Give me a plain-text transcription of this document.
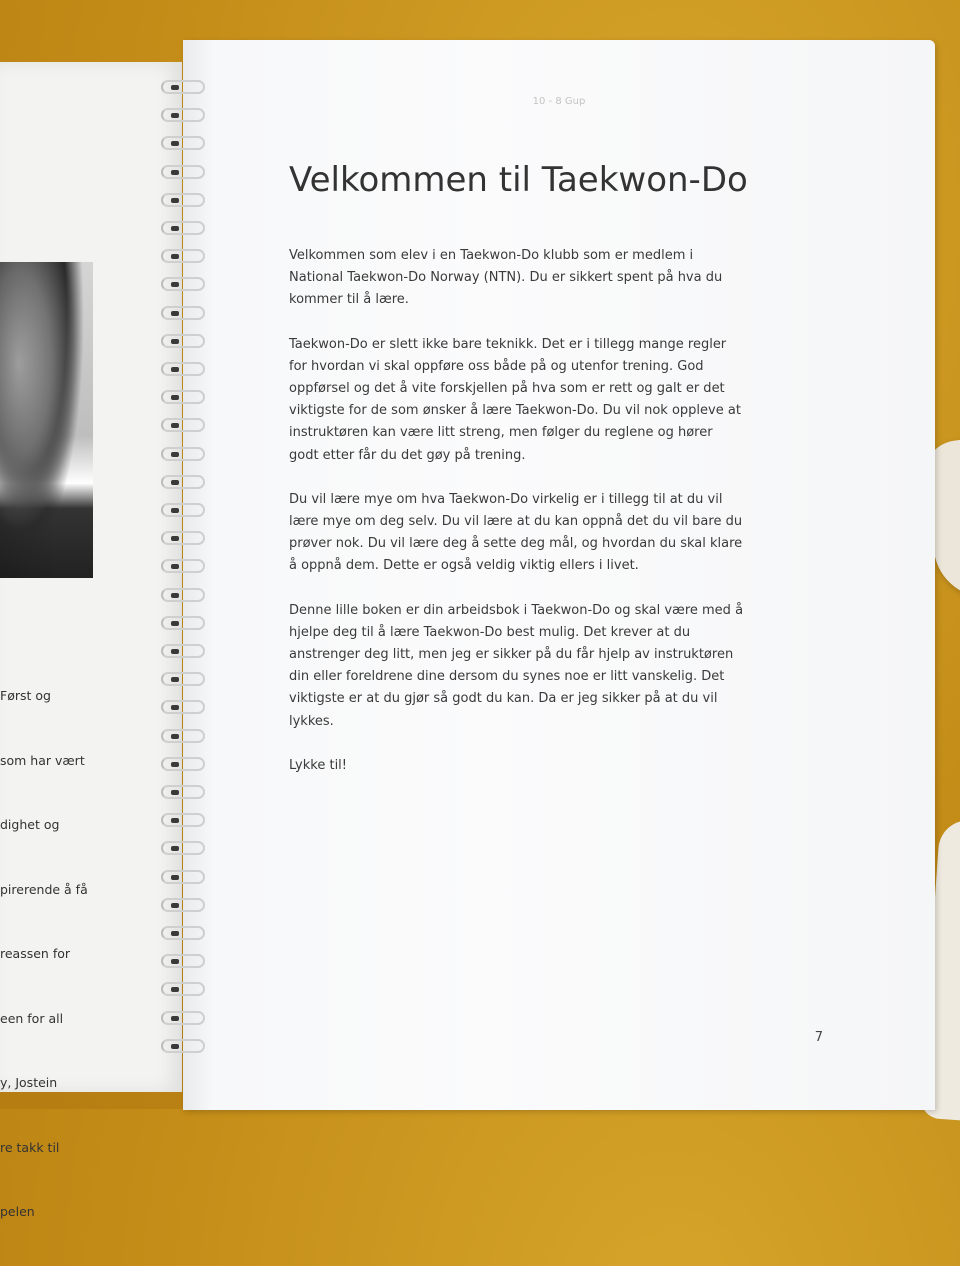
Først og

som har vært

dighet og

pirerende å få

reassen for

een for all

y, Jostein

re takk til

pelen

10 - 8 Gup
Velkommen til Taekwon-Do

Velkommen som elev i en Taekwon-Do klubb som er medlem i
National Taekwon-Do Norway (NTN). Du er sikkert spent på hva du
kommer til å lære.

Taekwon-Do er slett ikke bare teknikk. Det er i tillegg mange regler
for hvordan vi skal oppføre oss både på og utenfor trening. God
oppførsel og det å vite forskjellen på hva som er rett og galt er det
viktigste for de som ønsker å lære Taekwon-Do. Du vil nok oppleve at
instruktøren kan være litt streng, men følger du reglene og hører
godt etter får du det gøy på trening.

Du vil lære mye om hva Taekwon-Do virkelig er i tillegg til at du vil
lære mye om deg selv. Du vil lære at du kan oppnå det du vil bare du
prøver nok. Du vil lære deg å sette deg mål, og hvordan du skal klare
å oppnå dem. Dette er også veldig viktig ellers i livet.

Denne lille boken er din arbeidsbok i Taekwon-Do og skal være med å
hjelpe deg til å lære Taekwon-Do best mulig. Det krever at du
anstrenger deg litt, men jeg er sikker på du får hjelp av instruktøren
din eller foreldrene dine dersom du synes noe er litt vanskelig. Det
viktigste er at du gjør så godt du kan. Da er jeg sikker på at du vil
lykkes.

Lykke til!

7
